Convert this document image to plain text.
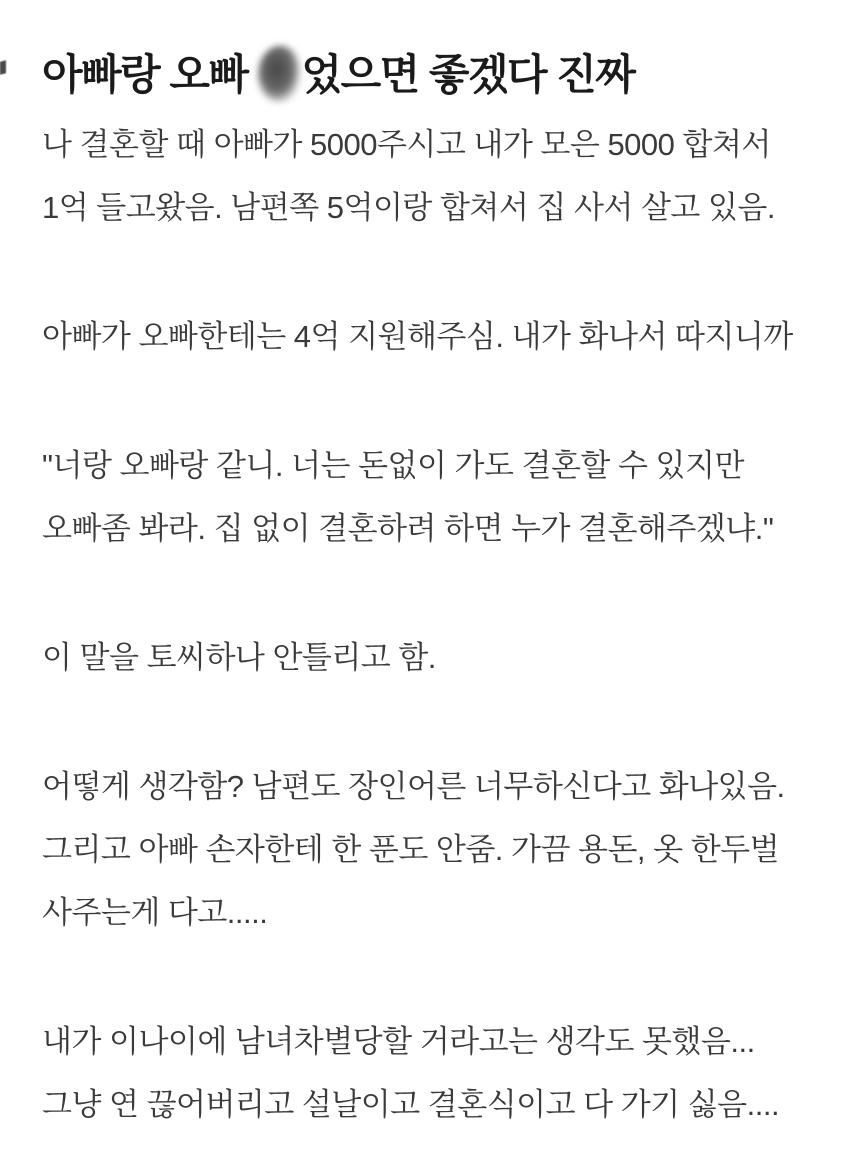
아빠랑 오빠 었으면 좋겠다 진짜
나 결혼할 때 아빠가 5000주시고 내가 모은 5000 합쳐서
1억 들고왔음. 남편쪽 5억이랑 합쳐서 집 사서 살고 있음.
아빠가 오빠한테는 4억 지원해주심. 내가 화나서 따지니까
"너랑 오빠랑 같니. 너는 돈없이 가도 결혼할 수 있지만
오빠좀 봐라. 집 없이 결혼하려 하면 누가 결혼해주겠냐."
이 말을 토씨하나 안틀리고 함.
어떻게 생각함? 남편도 장인어른 너무하신다고 화나있음.
그리고 아빠 손자한테 한 푼도 안줌. 가끔 용돈, 옷 한두벌
사주는게 다고.....
내가 이나이에 남녀차별당할 거라고는 생각도 못했음...
그냥 연 끊어버리고 설날이고 결혼식이고 다 가기 싫음....
